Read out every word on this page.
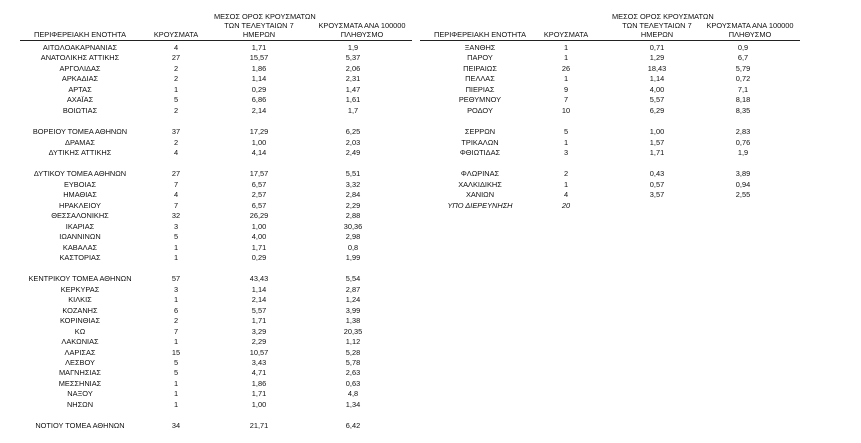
ΠΕΡΙΦΕΡΕΙΑΚΗ ΕΝΟΤΗΤΑ	ΚΡΟΥΣΜΑΤΑ
ΜΕΣΟΣ ΟΡΟΣ ΚΡΟΥΣΜΑΤΩΝ
ΤΩΝ ΤΕΛΕΥΤΑΙΩΝ 7
ΗΜΕΡΩΝ
ΚΡΟΥΣΜΑΤΑ ΑΝΑ 100000
ΠΛΗΘΥΣΜΟ	ΠΕΡΙΦΕΡΕΙΑΚΗ ΕΝΟΤΗΤΑ	ΚΡΟΥΣΜΑΤΑ
ΜΕΣΟΣ ΟΡΟΣ ΚΡΟΥΣΜΑΤΩΝ
ΤΩΝ ΤΕΛΕΥΤΑΙΩΝ 7
ΗΜΕΡΩΝ
ΚΡΟΥΣΜΑΤΑ ΑΝΑ 100000
ΠΛΗΘΥΣΜΟ
ΑΙΤΩΛΟΑΚΑΡΝΑΝΙΑΣ	4	1,71	1,9
ΑΝΑΤΟΛΙΚΗΣ ΑΤΤΙΚΗΣ	27	15,57	5,37
ΑΡΓΟΛΙΔΑΣ	2	1,86	2,06
ΑΡΚΑΔΙΑΣ	2	1,14	2,31
ΑΡΤΑΣ	1	0,29	1,47
ΑΧΑΪΑΣ	5	6,86	1,61
ΒΟΙΩΤΙΑΣ	2	2,14	1,7
ΒΟΡΕΙΟΥ ΤΟΜΕΑ ΑΘΗΝΩΝ	37	17,29	6,25
ΔΡΑΜΑΣ	2	1,00	2,03
ΔΥΤΙΚΗΣ ΑΤΤΙΚΗΣ	4	4,14	2,49
ΔΥΤΙΚΟΥ ΤΟΜΕΑ ΑΘΗΝΩΝ	27	17,57	5,51
ΕΥΒΟΙΑΣ	7	6,57	3,32
ΗΜΑΘΙΑΣ	4	2,57	2,84
ΗΡΑΚΛΕΙΟΥ	7	6,57	2,29
ΘΕΣΣΑΛΟΝΙΚΗΣ	32	26,29	2,88
ΙΚΑΡΙΑΣ	3	1,00	30,36
ΙΩΑΝΝΙΝΩΝ	5	4,00	2,98
ΚΑΒΑΛΑΣ	1	1,71	0,8
ΚΑΣΤΟΡΙΑΣ	1	0,29	1,99
ΚΕΝΤΡΙΚΟΥ ΤΟΜΕΑ ΑΘΗΝΩΝ	57	43,43	5,54
ΚΕΡΚΥΡΑΣ	3	1,14	2,87
ΚΙΛΚΙΣ	1	2,14	1,24
ΚΟΖΑΝΗΣ	6	5,57	3,99
ΚΟΡΙΝΘΙΑΣ	2	1,71	1,38
ΚΩ	7	3,29	20,35
ΛΑΚΩΝΙΑΣ	1	2,29	1,12
ΛΑΡΙΣΑΣ	15	10,57	5,28
ΛΕΣΒΟΥ	5	3,43	5,78
ΜΑΓΝΗΣΙΑΣ	5	4,71	2,63
ΜΕΣΣΗΝΙΑΣ	1	1,86	0,63
ΝΑΞΟΥ	1	1,71	4,8
ΝΗΣΩΝ	1	1,00	1,34
ΝΟΤΙΟΥ ΤΟΜΕΑ ΑΘΗΝΩΝ	34	21,71	6,42
ΞΑΝΘΗΣ	1	0,71	0,9
ΠΑΡΟΥ	1	1,29	6,7
ΠΕΙΡΑΙΩΣ	26	18,43	5,79
ΠΕΛΛΑΣ	1	1,14	0,72
ΠΙΕΡΙΑΣ	9	4,00	7,1
ΡΕΘΥΜΝΟΥ	7	5,57	8,18
ΡΟΔΟΥ	10	6,29	8,35
ΣΕΡΡΩΝ	5	1,00	2,83
ΤΡΙΚΑΛΩΝ	1	1,57	0,76
ΦΘΙΩΤΙΔΑΣ	3	1,71	1,9
ΦΛΩΡΙΝΑΣ	2	0,43	3,89
ΧΑΛΚΙΔΙΚΗΣ	1	0,57	0,94
ΧΑΝΙΩΝ	4	3,57	2,55
ΥΠΟ ΔΙΕΡΕΥΝΗΣΗ	20
